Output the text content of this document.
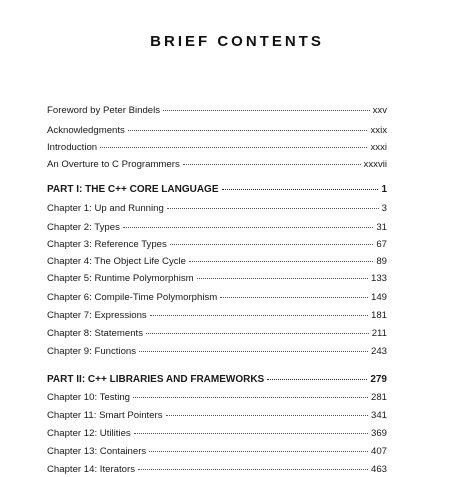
BRIEF CONTENTS
Foreword by Peter Bindels	xxv
Acknowledgments	xxix
Introduction	xxxi
An Overture to C Programmers	xxxvii
PART I: THE C++ CORE LANGUAGE	1
Chapter 1: Up and Running	3
Chapter 2: Types	31
Chapter 3: Reference Types	67
Chapter 4: The Object Life Cycle	89
Chapter 5: Runtime Polymorphism	133
Chapter 6: Compile-Time Polymorphism	149
Chapter 7: Expressions	181
Chapter 8: Statements	211
Chapter 9: Functions	243
PART II: C++ LIBRARIES AND FRAMEWORKS	279
Chapter 10: Testing	281
Chapter 11: Smart Pointers	341
Chapter 12: Utilities	369
Chapter 13: Containers	407
Chapter 14: Iterators	463
